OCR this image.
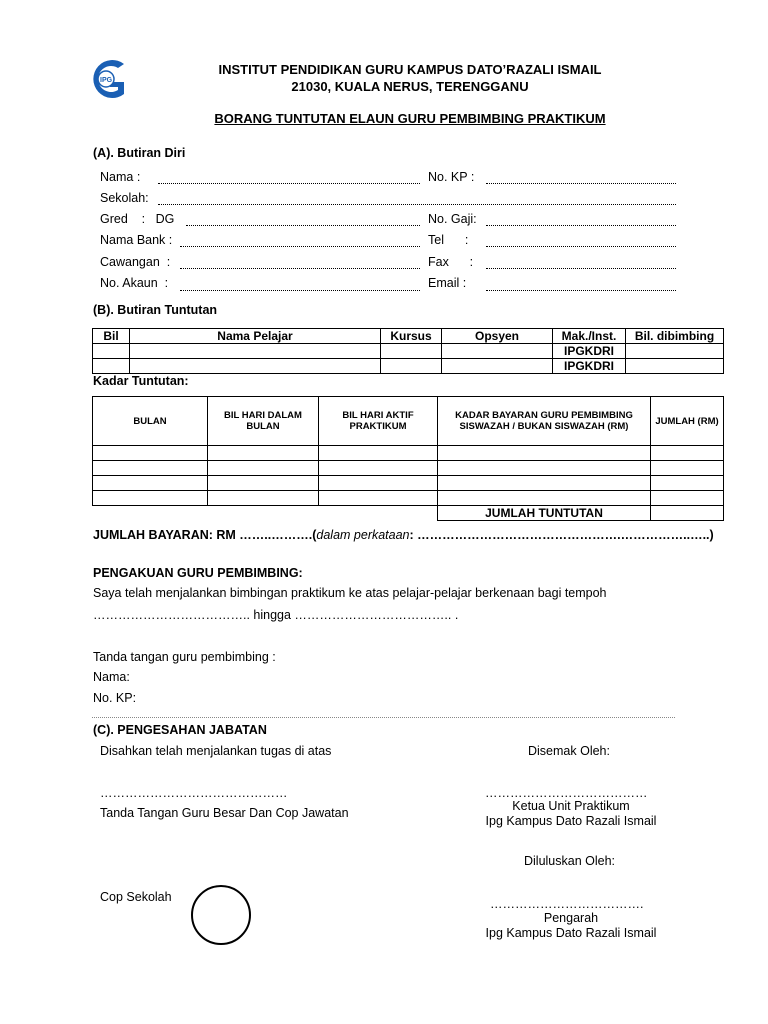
IPG
INSTITUT PENDIDIKAN GURU KAMPUS DATO’RAZALI ISMAIL
21030, KUALA NERUS, TERENGGANU
BORANG TUNTUTAN ELAUN GURU PEMBIMBING PRAKTIKUM
(A). Butiran Diri
Nama :	No. KP :
Sekolah:
Gred    :   DG	No. Gaji:
Nama Bank :	Tel      :
Cawangan  :	Fax      :
No. Akaun  :	Email :
(B). Butiran Tuntutan
Bil	Nama Pelajar	Kursus	Opsyen	Mak./Inst.	Bil. dibimbing
				IPGKDRI	
				IPGKDRI	
Kadar Tuntutan:
BULAN	BIL HARI DALAM BULAN	BIL HARI AKTIF PRAKTIKUM	KADAR BAYARAN GURU PEMBIMBING SISWAZAH / BUKAN SISWAZAH (RM)	JUMLAH (RM)

			JUMLAH TUNTUTAN	
JUMLAH BAYARAN: RM ……..……….(dalam perkataan: ………………………………………….……………..…..)
PENGAKUAN GURU PEMBIMBING:
Saya telah menjalankan bimbingan praktikum ke atas pelajar-pelajar berkenaan bagi tempoh
……………………………….. hingga ……………………………….. .
Tanda tangan guru pembimbing :
Nama:
No. KP:
(C). PENGESAHAN JABATAN
Disahkan telah menjalankan tugas di atas	Disemak Oleh:
………………………………………	…………………………………
Tanda Tangan Guru Besar Dan Cop Jawatan	Ketua Unit Praktikum
Ipg Kampus Dato Razali Ismail
Diluluskan Oleh:
Cop Sekolah	……………………………….
Pengarah
Ipg Kampus Dato Razali Ismail
